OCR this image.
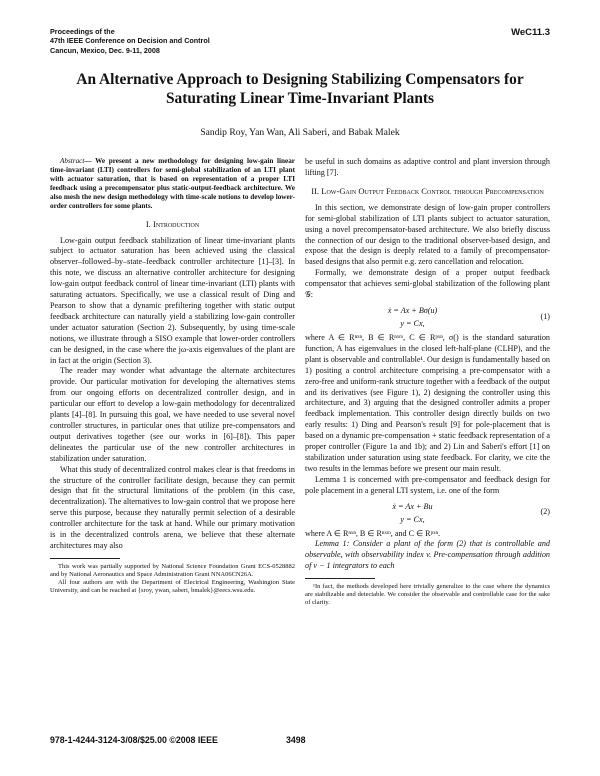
Proceedings of the
47th IEEE Conference on Decision and Control
Cancun, Mexico, Dec. 9-11, 2008
WeC11.3
An Alternative Approach to Designing Stabilizing Compensators for Saturating Linear Time-Invariant Plants
Sandip Roy, Yan Wan, Ali Saberi, and Babak Malek
Abstract— We present a new methodology for designing low-gain linear time-invariant (LTI) controllers for semi-global stabilization of an LTI plant with actuator saturation, that is based on representation of a proper LTI feedback using a precompensator plus static-output-feedback architecture. We also mesh the new design methodology with time-scale notions to develop lower-order controllers for some plants.
I. Introduction

Low-gain output feedback stabilization of linear time-invariant plants subject to actuator saturation has been achieved using the classical observer–followed–by–state–feedback controller architecture [1]–[3]. In this note, we discuss an alternative controller architecture for designing low-gain output feedback control of linear time-invariant (LTI) plants with saturating actuators. Specifically, we use a classical result of Ding and Pearson to show that a dynamic prefiltering together with static output feedback architecture can naturally yield a stabilizing low-gain controller under actuator saturation (Section 2). Subsequently, by using time-scale notions, we illustrate through a SISO example that lower-order controllers can be designed, in the case where the jω-axis eigenvalues of the plant are in fact at the origin (Section 3).

The reader may wonder what advantage the alternate architectures provide. Our particular motivation for developing the alternatives stems from our ongoing efforts on decentralized controller design, and in particular our effort to develop a low-gain methodology for decentralized plants [4]–[8]. In pursuing this goal, we have needed to use several novel controller structures, in particular ones that utilize pre-compensators and output derivatives together (see our works in [6]–[8]). This paper delineates the particular use of the new controller architectures in stabilization under saturation.

What this study of decentralized control makes clear is that freedoms in the structure of the controller facilitate design, because they can permit design that fit the structural limitations of the problem (in this case, decentralization). The alternatives to low-gain control that we propose here serve this purpose, because they naturally permit selection of a desirable controller architecture for the task at hand. While our primary motivation is in the decentralized controls arena, we believe that these alternate architectures may also

This work was partially supported by National Science Foundation Grant ECS-0528882 and by National Aeronautics and Space Administration Grant NNA06CN26A.

All four authors are with the Department of Electrical Engineering, Washington State University, and can be reached at {sroy, ywan, saberi, bmalek}@eecs.wsu.edu.

be useful in such domains as adaptive control and plant inversion through lifting [7].

II. Low-Gain Output Feedback Control through Precompensation

In this section, we demonstrate design of low-gain proper controllers for semi-global stabilization of LTI plants subject to actuator saturation, using a novel precompensator-based architecture. We also briefly discuss the connection of our design to the traditional observer-based design, and expose that the design is deeply related to a family of precompensator-based designs that also permit e.g. zero cancellation and relocation.

Formally, we demonstrate design of a proper output feedback compensator that achieves semi-global stabilization of the following plant 𝒢:

ẋ = Ax + Bσ(u)
y = Cx,
(1)

where A ∈ Rⁿˣⁿ, B ∈ Rⁿˣᵐ, C ∈ Rᵖˣⁿ, σ() is the standard saturation function, A has eigenvalues in the closed left-half-plane (CLHP), and the plant is observable and controllable¹. Our design is fundamentally based on 1) positing a control architecture comprising a pre-compensator with a zero-free and uniform-rank structure together with a feedback of the output and its derivatives (see Figure 1), 2) designing the controller using this architecture, and 3) arguing that the designed controller admits a proper feedback implementation. This controller design directly builds on two early results: 1) Ding and Pearson's result [9] for pole-placement that is based on a dynamic pre-compensation + static feedback representation of a proper controller (Figure 1a and 1b); and 2) Lin and Saberi's effort [1] on stabilization under saturation using state feedback. For clarity, we cite the two results in the lemmas before we present our main result.

Lemma 1 is concerned with pre-compensator and feedback design for pole placement in a general LTI system, i.e. one of the form

ẋ = Ax + Bu
y = Cx,
(2)

where A ∈ Rⁿˣⁿ, B ∈ Rⁿˣᵐ, and C ∈ Rᵖˣⁿ.

Lemma 1: Consider a plant of the form (2) that is controllable and observable, with observability index v. Pre-compensation through addition of v − 1 integrators to each

¹In fact, the methods developed here trivially generalize to the case where the dynamics are stabilizable and detectable. We consider the observable and controllable case for the sake of clarity.

978-1-4244-3124-3/08/$25.00 ©2008 IEEE	3498
